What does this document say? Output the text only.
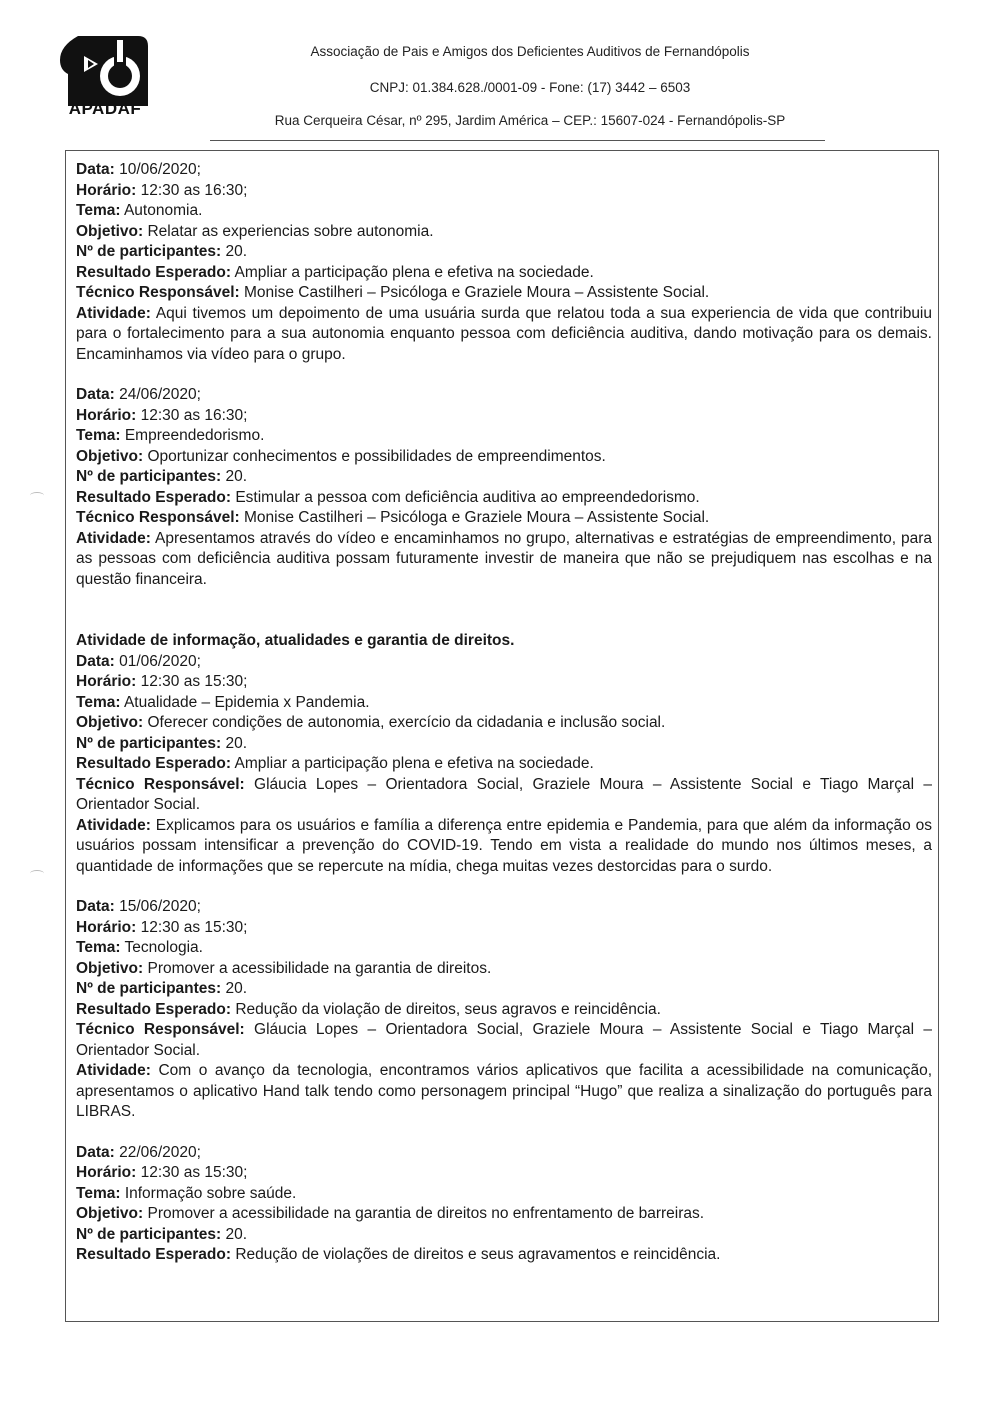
APADAF
Associação de Pais e Amigos dos Deficientes Auditivos de Fernandópolis
CNPJ: 01.384.628./0001-09 - Fone: (17) 3442 – 6503
Rua Cerqueira César, nº 295, Jardim América – CEP.: 15607-024 - Fernandópolis-SP
Data: 10/06/2020;
Horário: 12:30 as 16:30;
Tema: Autonomia.
Objetivo: Relatar as experiencias sobre autonomia.
Nº de participantes: 20.
Resultado Esperado: Ampliar a participação plena e efetiva na sociedade.
Técnico Responsável: Monise Castilheri – Psicóloga e Graziele Moura – Assistente Social.
Atividade: Aqui tivemos um depoimento de uma usuária surda que relatou toda a sua experiencia de vida que contribuiu para o fortalecimento para a sua autonomia enquanto pessoa com deficiência auditiva, dando motivação para os demais. Encaminhamos via vídeo para o grupo.
Data: 24/06/2020;
Horário: 12:30 as 16:30;
Tema: Empreendedorismo.
Objetivo: Oportunizar conhecimentos e possibilidades de empreendimentos.
Nº de participantes: 20.
Resultado Esperado: Estimular a pessoa com deficiência auditiva ao empreendedorismo.
Técnico Responsável: Monise Castilheri – Psicóloga e Graziele Moura – Assistente Social.
Atividade: Apresentamos através do vídeo e encaminhamos no grupo, alternativas e estratégias de empreendimento, para as pessoas com deficiência auditiva possam futuramente investir de maneira que não se prejudiquem nas escolhas e na questão financeira.
Atividade de informação, atualidades e garantia de direitos.
Data: 01/06/2020;
Horário: 12:30 as 15:30;
Tema: Atualidade – Epidemia x Pandemia.
Objetivo: Oferecer condições de autonomia, exercício da cidadania e inclusão social.
Nº de participantes: 20.
Resultado Esperado: Ampliar a participação plena e efetiva na sociedade.
Técnico Responsável: Gláucia Lopes – Orientadora Social, Graziele Moura – Assistente Social e Tiago Marçal – Orientador Social.
Atividade: Explicamos para os usuários e família a diferença entre epidemia e Pandemia, para que além da informação os usuários possam intensificar a prevenção do COVID-19. Tendo em vista a realidade do mundo nos últimos meses, a quantidade de informações que se repercute na mídia, chega muitas vezes destorcidas para o surdo.
Data: 15/06/2020;
Horário: 12:30 as 15:30;
Tema: Tecnologia.
Objetivo: Promover a acessibilidade na garantia de direitos.
Nº de participantes: 20.
Resultado Esperado: Redução da violação de direitos, seus agravos e reincidência.
Técnico Responsável: Gláucia Lopes – Orientadora Social, Graziele Moura – Assistente Social e Tiago Marçal – Orientador Social.
Atividade: Com o avanço da tecnologia, encontramos vários aplicativos que facilita a acessibilidade na comunicação, apresentamos o aplicativo Hand talk tendo como personagem principal “Hugo” que realiza a sinalização do português para LIBRAS.
Data: 22/06/2020;
Horário: 12:30 as 15:30;
Tema: Informação sobre saúde.
Objetivo: Promover a acessibilidade na garantia de direitos no enfrentamento de barreiras.
Nº de participantes: 20.
Resultado Esperado: Redução de violações de direitos e seus agravamentos e reincidência.
